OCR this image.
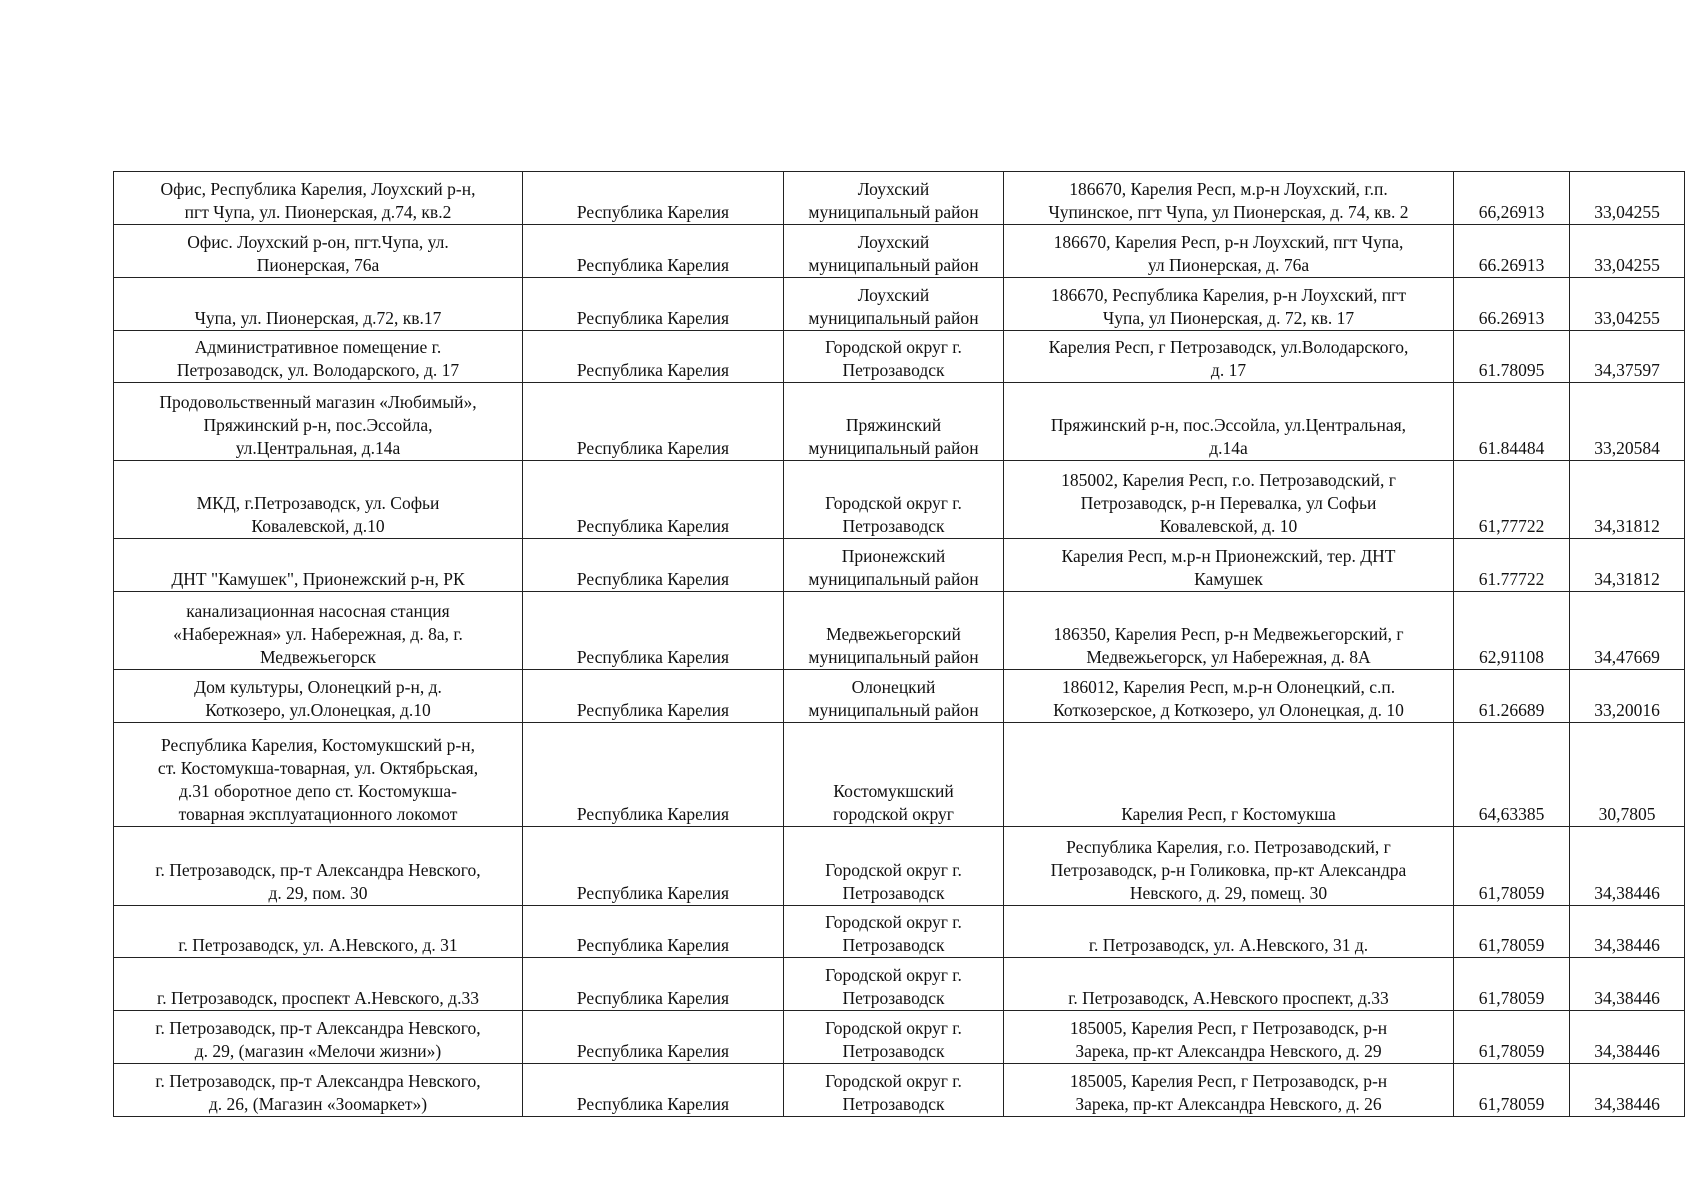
Офис, Республика Карелия, Лоухский р-н,
пгт Чупа, ул. Пионерская, д.74, кв.2	Республика Карелия	Лоухский
муниципальный район	186670, Карелия Респ, м.р-н Лоухский, г.п.
Чупинское, пгт Чупа, ул Пионерская, д. 74, кв. 2	66,26913	33,04255
Офис. Лоухский р-он, пгт.Чупа, ул.
Пионерская, 76а	Республика Карелия	Лоухский
муниципальный район	186670, Карелия Респ, р-н Лоухский, пгт Чупа,
ул Пионерская, д. 76а	66.26913	33,04255
Чупа, ул. Пионерская, д.72, кв.17	Республика Карелия	Лоухский
муниципальный район	186670, Республика Карелия, р-н Лоухский, пгт
Чупа, ул Пионерская, д. 72, кв. 17	66.26913	33,04255
Административное помещение г.
Петрозаводск, ул. Володарского, д. 17	Республика Карелия	Городской округ г.
Петрозаводск	Карелия Респ, г Петрозаводск, ул.Володарского,
д. 17	61.78095	34,37597
Продовольственный магазин «Любимый»,
Пряжинский р-н, пос.Эссойла,
ул.Центральная, д.14а	Республика Карелия	Пряжинский
муниципальный район	Пряжинский р-н, пос.Эссойла, ул.Центральная,
д.14а	61.84484	33,20584
МКД, г.Петрозаводск, ул. Софьи
Ковалевской, д.10	Республика Карелия	Городской округ г.
Петрозаводск	185002, Карелия Респ, г.о. Петрозаводский, г
Петрозаводск, р-н Перевалка, ул Софьи
Ковалевской, д. 10	61,77722	34,31812
ДНТ "Камушек", Прионежский р-н, РК	Республика Карелия	Прионежский
муниципальный район	Карелия Респ, м.р-н Прионежский, тер. ДНТ
Камушек	61.77722	34,31812
канализационная насосная станция
«Набережная» ул. Набережная, д. 8а, г.
Медвежьегорск	Республика Карелия	Медвежьегорский
муниципальный район	186350, Карелия Респ, р-н Медвежьегорский, г
Медвежьегорск, ул Набережная, д. 8А	62,91108	34,47669
Дом культуры, Олонецкий р-н, д.
Коткозеро, ул.Олонецкая, д.10	Республика Карелия	Олонецкий
муниципальный район	186012, Карелия Респ, м.р-н Олонецкий, с.п.
Коткозерское, д Коткозеро, ул Олонецкая, д. 10	61.26689	33,20016
Республика Карелия, Костомукшский р-н,
ст. Костомукша-товарная, ул. Октябрьская,
д.31 оборотное депо ст. Костомукша-
товарная эксплуатационного локомот	Республика Карелия	Костомукшский
городской округ	Карелия Респ, г Костомукша	64,63385	30,7805
г. Петрозаводск, пр-т Александра Невского,
д. 29, пом. 30	Республика Карелия	Городской округ г.
Петрозаводск	Республика Карелия, г.о. Петрозаводский, г
Петрозаводск, р-н Голиковка, пр-кт Александра
Невского, д. 29, помещ. 30	61,78059	34,38446
г. Петрозаводск, ул. А.Невского, д. 31	Республика Карелия	Городской округ г.
Петрозаводск	г. Петрозаводск, ул. А.Невского, 31 д.	61,78059	34,38446
г. Петрозаводск, проспект А.Невского, д.33	Республика Карелия	Городской округ г.
Петрозаводск	г. Петрозаводск, А.Невского проспект, д.33	61,78059	34,38446
г. Петрозаводск, пр-т Александра Невского,
д. 29, (магазин «Мелочи жизни»)	Республика Карелия	Городской округ г.
Петрозаводск	185005, Карелия Респ, г Петрозаводск, р-н
Зарека, пр-кт Александра Невского, д. 29	61,78059	34,38446
г. Петрозаводск, пр-т Александра Невского,
д. 26, (Магазин «Зоомаркет»)	Республика Карелия	Городской округ г.
Петрозаводск	185005, Карелия Респ, г Петрозаводск, р-н
Зарека, пр-кт Александра Невского, д. 26	61,78059	34,38446
